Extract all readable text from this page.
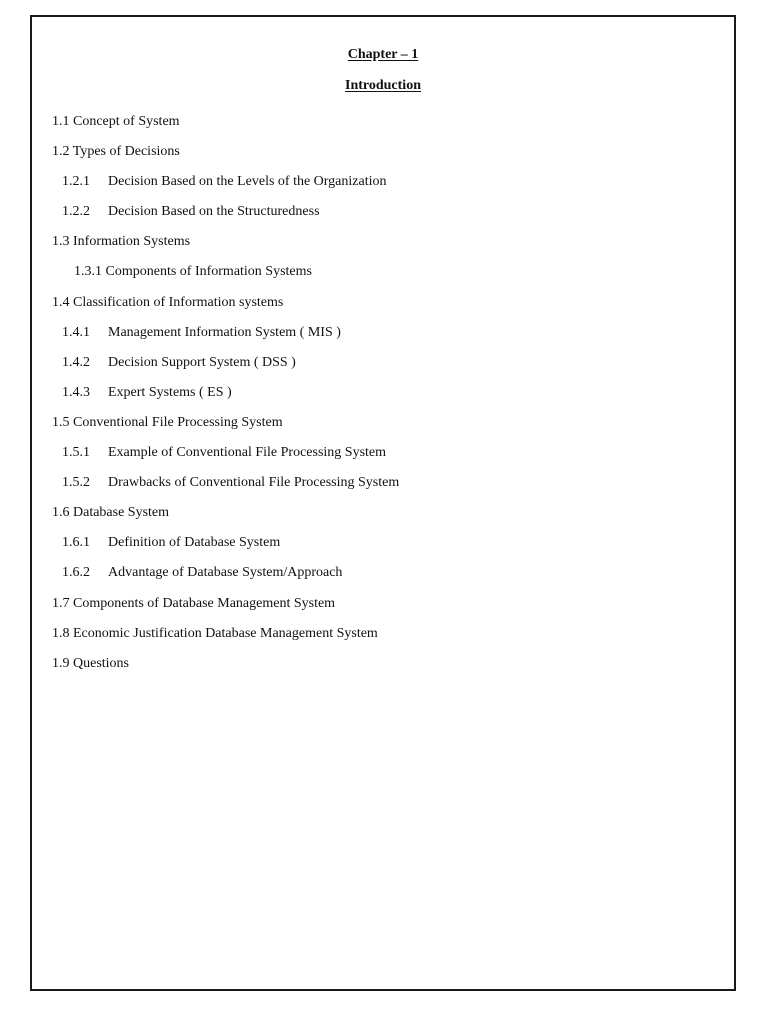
Chapter – 1
Introduction
1.1 Concept of System
1.2 Types of Decisions
1.2.1 Decision Based on the Levels of the Organization
1.2.2 Decision Based on the Structuredness
1.3 Information Systems
1.3.1 Components of Information Systems
1.4 Classification of Information systems
1.4.1 Management Information System ( MIS )
1.4.2 Decision Support System ( DSS )
1.4.3 Expert Systems ( ES )
1.5 Conventional File Processing System
1.5.1 Example of Conventional File Processing System
1.5.2 Drawbacks of Conventional File Processing System
1.6 Database System
1.6.1 Definition of Database System
1.6.2 Advantage of Database System/Approach
1.7 Components of Database Management System
1.8 Economic Justification Database Management System
1.9 Questions
